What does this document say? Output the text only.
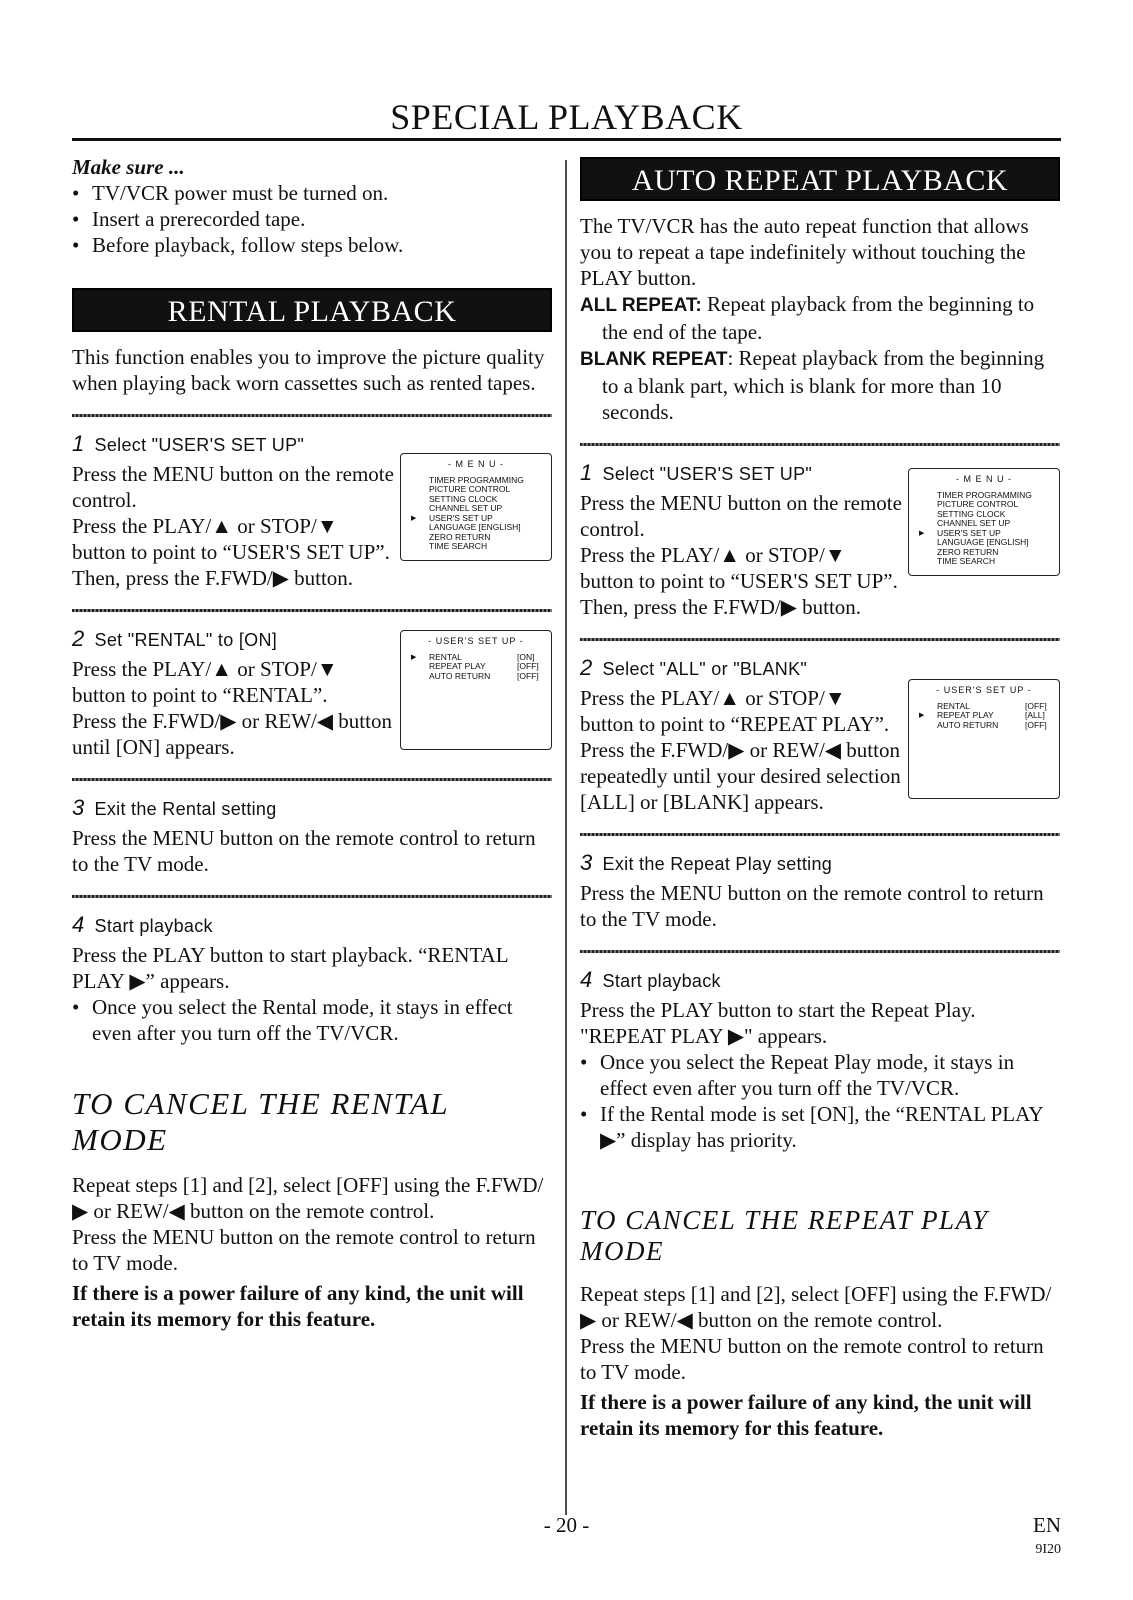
SPECIAL PLAYBACK
Make sure ...
• TV/VCR power must be turned on.
• Insert a prerecorded tape.
• Before playback, follow steps below.
RENTAL PLAYBACK
This function enables you to improve the picture quality when playing back worn cassettes such as rented tapes.
1 Select "USER'S SET UP"
Press the MENU button on the remote control.
Press the PLAY/▲ or STOP/▼ button to point to “USER'S SET UP”.
Then, press the F.FWD/▶ button.
- M E N U -
TIMER PROGRAMMING
PICTURE CONTROL
SETTING CLOCK
CHANNEL SET UP
▶ USER'S SET UP
LANGUAGE [ENGLISH]
ZERO RETURN
TIME SEARCH
2 Set "RENTAL" to [ON]
Press the PLAY/▲ or STOP/▼ button to point to “RENTAL”.
Press the F.FWD/▶ or REW/◀ button until [ON] appears.
- USER'S SET UP -
▶ RENTAL	[ON]
REPEAT PLAY	[OFF]
AUTO RETURN	[OFF]
3 Exit the Rental setting
Press the MENU button on the remote control to return to the TV mode.
4 Start playback
Press the PLAY button to start playback. “RENTAL PLAY ▶” appears.
• Once you select the Rental mode, it stays in effect even after you turn off the TV/VCR.
TO CANCEL THE RENTAL MODE
Repeat steps [1] and [2], select [OFF] using the F.FWD/▶ or REW/◀ button on the remote control.
Press the MENU button on the remote control to return to TV mode.
If there is a power failure of any kind, the unit will retain its memory for this feature.
AUTO REPEAT PLAYBACK
The TV/VCR has the auto repeat function that allows you to repeat a tape indefinitely without touching the PLAY button.
ALL REPEAT: Repeat playback from the beginning to the end of the tape.
BLANK REPEAT: Repeat playback from the beginning to a blank part, which is blank for more than 10 seconds.
1 Select "USER'S SET UP"
Press the MENU button on the remote control.
Press the PLAY/▲ or STOP/▼ button to point to “USER'S SET UP”.
Then, press the F.FWD/▶ button.
- M E N U -
TIMER PROGRAMMING
PICTURE CONTROL
SETTING CLOCK
CHANNEL SET UP
▶ USER'S SET UP
LANGUAGE [ENGLISH]
ZERO RETURN
TIME SEARCH
2 Select "ALL" or "BLANK"
Press the PLAY/▲ or STOP/▼ button to point to “REPEAT PLAY”.
Press the F.FWD/▶ or REW/◀ button repeatedly until your desired selection [ALL] or [BLANK] appears.
- USER'S SET UP -
RENTAL	[OFF]
▶ REPEAT PLAY	[ALL]
AUTO RETURN	[OFF]
3 Exit the Repeat Play setting
Press the MENU button on the remote control to return to the TV mode.
4 Start playback
Press the PLAY button to start the Repeat Play. "REPEAT PLAY ▶" appears.
• Once you select the Repeat Play mode, it stays in effect even after you turn off the TV/VCR.
• If the Rental mode is set [ON], the “RENTAL PLAY ▶” display has priority.
TO CANCEL THE REPEAT PLAY MODE
Repeat steps [1] and [2], select [OFF] using the F.FWD/▶ or REW/◀ button on the remote control.
Press the MENU button on the remote control to return to TV mode.
If there is a power failure of any kind, the unit will retain its memory for this feature.
- 20 -	EN
9I20
